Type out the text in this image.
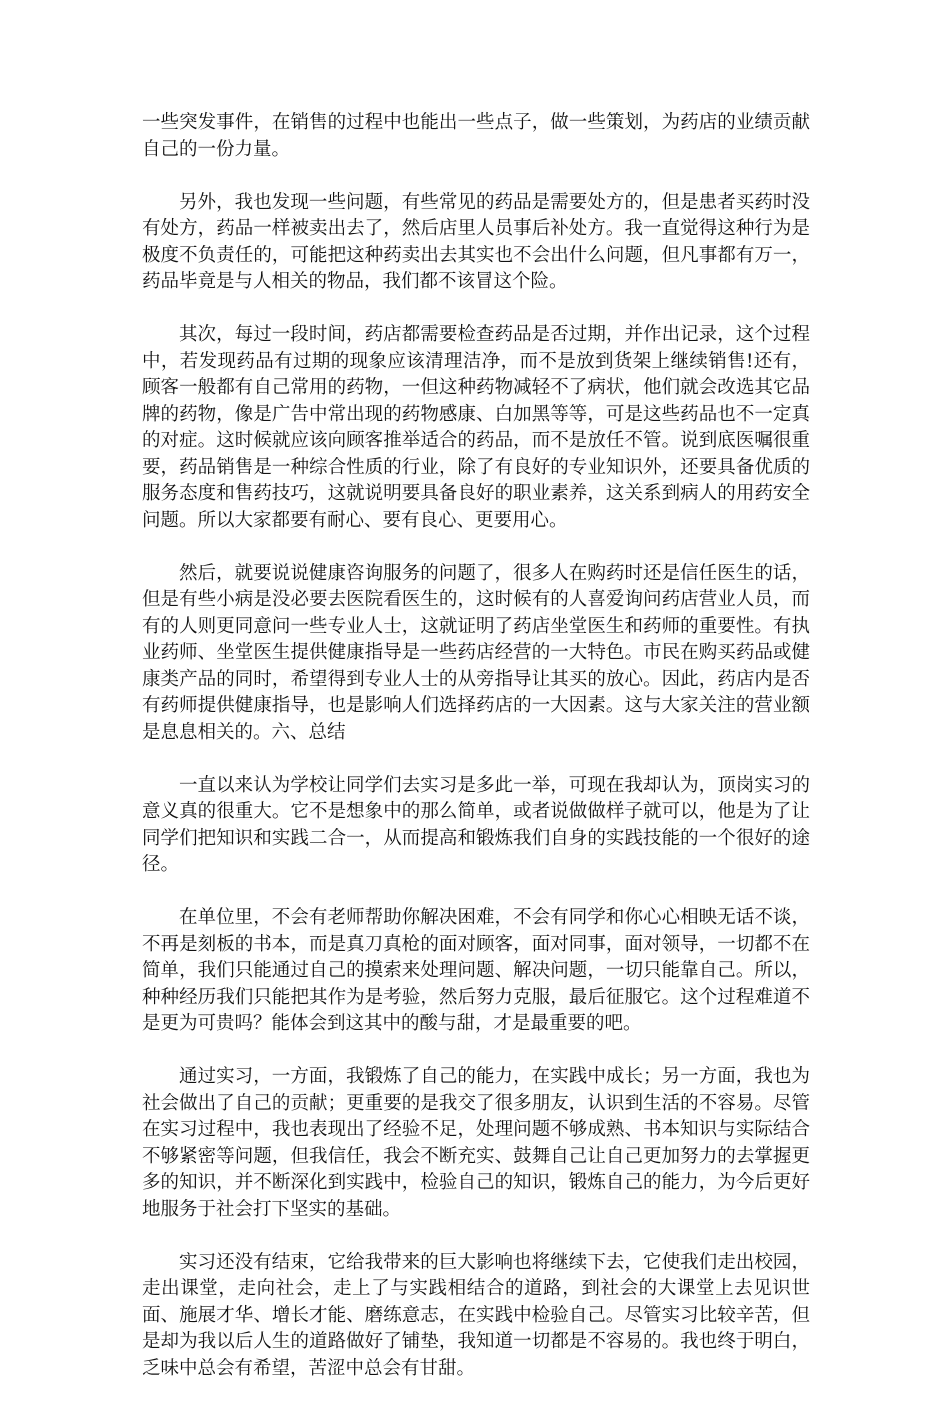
一些突发事件，在销售的过程中也能出一些点子，做一些策划，为药店的业绩贡献自己的一份力量。

另外，我也发现一些问题，有些常见的药品是需要处方的，但是患者买药时没有处方，药品一样被卖出去了，然后店里人员事后补处方。我一直觉得这种行为是极度不负责任的，可能把这种药卖出去其实也不会出什么问题，但凡事都有万一，药品毕竟是与人相关的物品，我们都不该冒这个险。

其次，每过一段时间，药店都需要检查药品是否过期，并作出记录，这个过程中，若发现药品有过期的现象应该清理洁净，而不是放到货架上继续销售!还有，顾客一般都有自己常用的药物，一但这种药物减轻不了病状，他们就会改选其它品牌的药物，像是广告中常出现的药物感康、白加黑等等，可是这些药品也不一定真的对症。这时候就应该向顾客推举适合的药品，而不是放任不管。说到底医嘱很重要，药品销售是一种综合性质的行业，除了有良好的专业知识外，还要具备优质的服务态度和售药技巧，这就说明要具备良好的职业素养，这关系到病人的用药安全问题。所以大家都要有耐心、要有良心、更要用心。

然后，就要说说健康咨询服务的问题了，很多人在购药时还是信任医生的话，但是有些小病是没必要去医院看医生的，这时候有的人喜爱询问药店营业人员，而有的人则更同意问一些专业人士，这就证明了药店坐堂医生和药师的重要性。有执业药师、坐堂医生提供健康指导是一些药店经营的一大特色。市民在购买药品或健康类产品的同时，希望得到专业人士的从旁指导让其买的放心。因此，药店内是否有药师提供健康指导，也是影响人们选择药店的一大因素。这与大家关注的营业额是息息相关的。六、总结

一直以来认为学校让同学们去实习是多此一举，可现在我却认为，顶岗实习的意义真的很重大。它不是想象中的那么简单，或者说做做样子就可以，他是为了让同学们把知识和实践二合一，从而提高和锻炼我们自身的实践技能的一个很好的途径。

在单位里，不会有老师帮助你解决困难，不会有同学和你心心相映无话不谈，不再是刻板的书本，而是真刀真枪的面对顾客，面对同事，面对领导，一切都不在简单，我们只能通过自己的摸索来处理问题、解决问题，一切只能靠自己。所以，种种经历我们只能把其作为是考验，然后努力克服，最后征服它。这个过程难道不是更为可贵吗？能体会到这其中的酸与甜，才是最重要的吧。

通过实习，一方面，我锻炼了自己的能力，在实践中成长；另一方面，我也为社会做出了自己的贡献；更重要的是我交了很多朋友，认识到生活的不容易。尽管在实习过程中，我也表现出了经验不足，处理问题不够成熟、书本知识与实际结合不够紧密等问题，但我信任，我会不断充实、鼓舞自己让自己更加努力的去掌握更多的知识，并不断深化到实践中，检验自己的知识，锻炼自己的能力，为今后更好地服务于社会打下坚实的基础。

实习还没有结束，它给我带来的巨大影响也将继续下去，它使我们走出校园，走出课堂，走向社会，走上了与实践相结合的道路，到社会的大课堂上去见识世面、施展才华、增长才能、磨练意志，在实践中检验自己。尽管实习比较辛苦，但是却为我以后人生的道路做好了铺垫，我知道一切都是不容易的。我也终于明白，乏味中总会有希望，苦涩中总会有甘甜。
